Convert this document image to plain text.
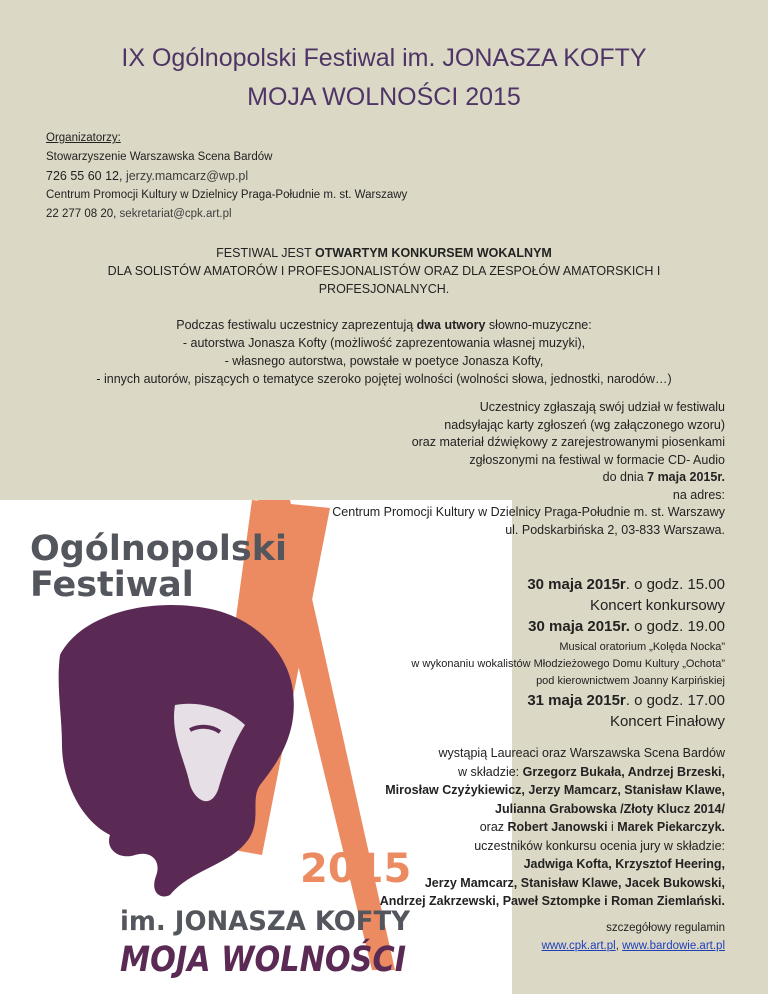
Ogólnopolski
Festiwal
2015
im. JONASZA KOFTY
MOJA WOLNOŚCI
IX Ogólnopolski Festiwal im. JONASZA KOFTY
MOJA WOLNOŚCI 2015
Organizatorzy:
Stowarzyszenie Warszawska Scena Bardów
726 55 60 12, jerzy.mamcarz@wp.pl
Centrum Promocji Kultury w Dzielnicy Praga-Południe m. st. Warszawy
22 277 08 20, sekretariat@cpk.art.pl
FESTIWAL JEST OTWARTYM KONKURSEM WOKALNYM
DLA SOLISTÓW AMATORÓW I PROFESJONALISTÓW ORAZ DLA ZESPOŁÓW AMATORSKICH I
PROFESJONALNYCH.
Podczas festiwalu uczestnicy zaprezentują dwa utwory słowno-muzyczne:
- autorstwa Jonasza Kofty (możliwość zaprezentowania własnej muzyki),
- własnego autorstwa, powstałe w poetyce Jonasza Kofty,
- innych autorów, piszących o tematyce szeroko pojętej wolności (wolności słowa, jednostki, narodów…)
Uczestnicy zgłaszają swój udział w festiwalu
nadsyłając karty zgłoszeń (wg załączonego wzoru)
oraz materiał dźwiękowy z zarejestrowanymi piosenkami
zgłoszonymi na festiwal w formacie CD- Audio
do dnia 7 maja 2015r.
na adres:
Centrum Promocji Kultury w Dzielnicy Praga-Południe m. st. Warszawy
ul. Podskarbińska 2, 03-833 Warszawa.
30 maja 2015r. o godz. 15.00
Koncert konkursowy
30 maja 2015r. o godz. 19.00
Musical oratorium „Kolęda Nocka”
w wykonaniu wokalistów Młodzieżowego Domu Kultury „Ochota”
pod kierownictwem Joanny Karpińskiej
31 maja 2015r. o godz. 17.00
Koncert Finałowy
wystąpią Laureaci oraz Warszawska Scena Bardów
w składzie: Grzegorz Bukała, Andrzej Brzeski,
Mirosław Czyżykiewicz, Jerzy Mamcarz, Stanisław Klawe,
Julianna Grabowska /Złoty Klucz 2014/
oraz Robert Janowski i Marek Piekarczyk.
uczestników konkursu ocenia jury w składzie:
Jadwiga Kofta, Krzysztof Heering,
Jerzy Mamcarz, Stanisław Klawe, Jacek Bukowski,
Andrzej Zakrzewski, Paweł Sztompke i Roman Ziemlański.
szczegółowy regulamin
www.cpk.art.pl, www.bardowie.art.pl
